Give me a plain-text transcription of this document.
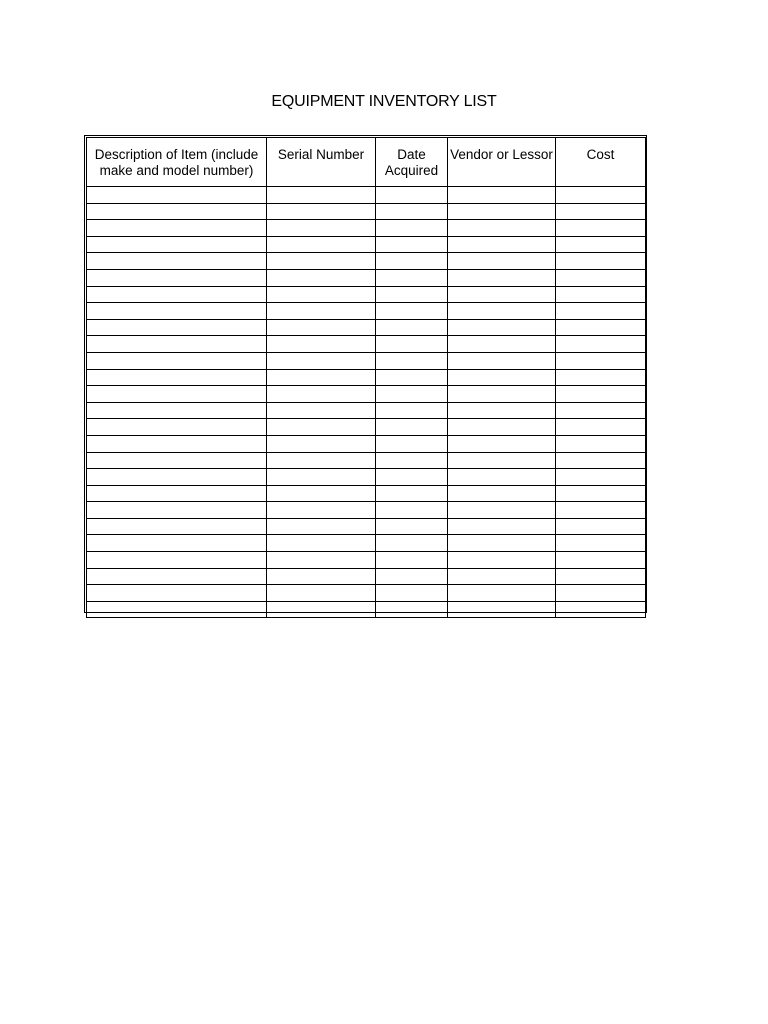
EQUIPMENT INVENTORY LIST
Description of Item (include make and model number)	Serial Number	Date Acquired	Vendor or Lessor	Cost
